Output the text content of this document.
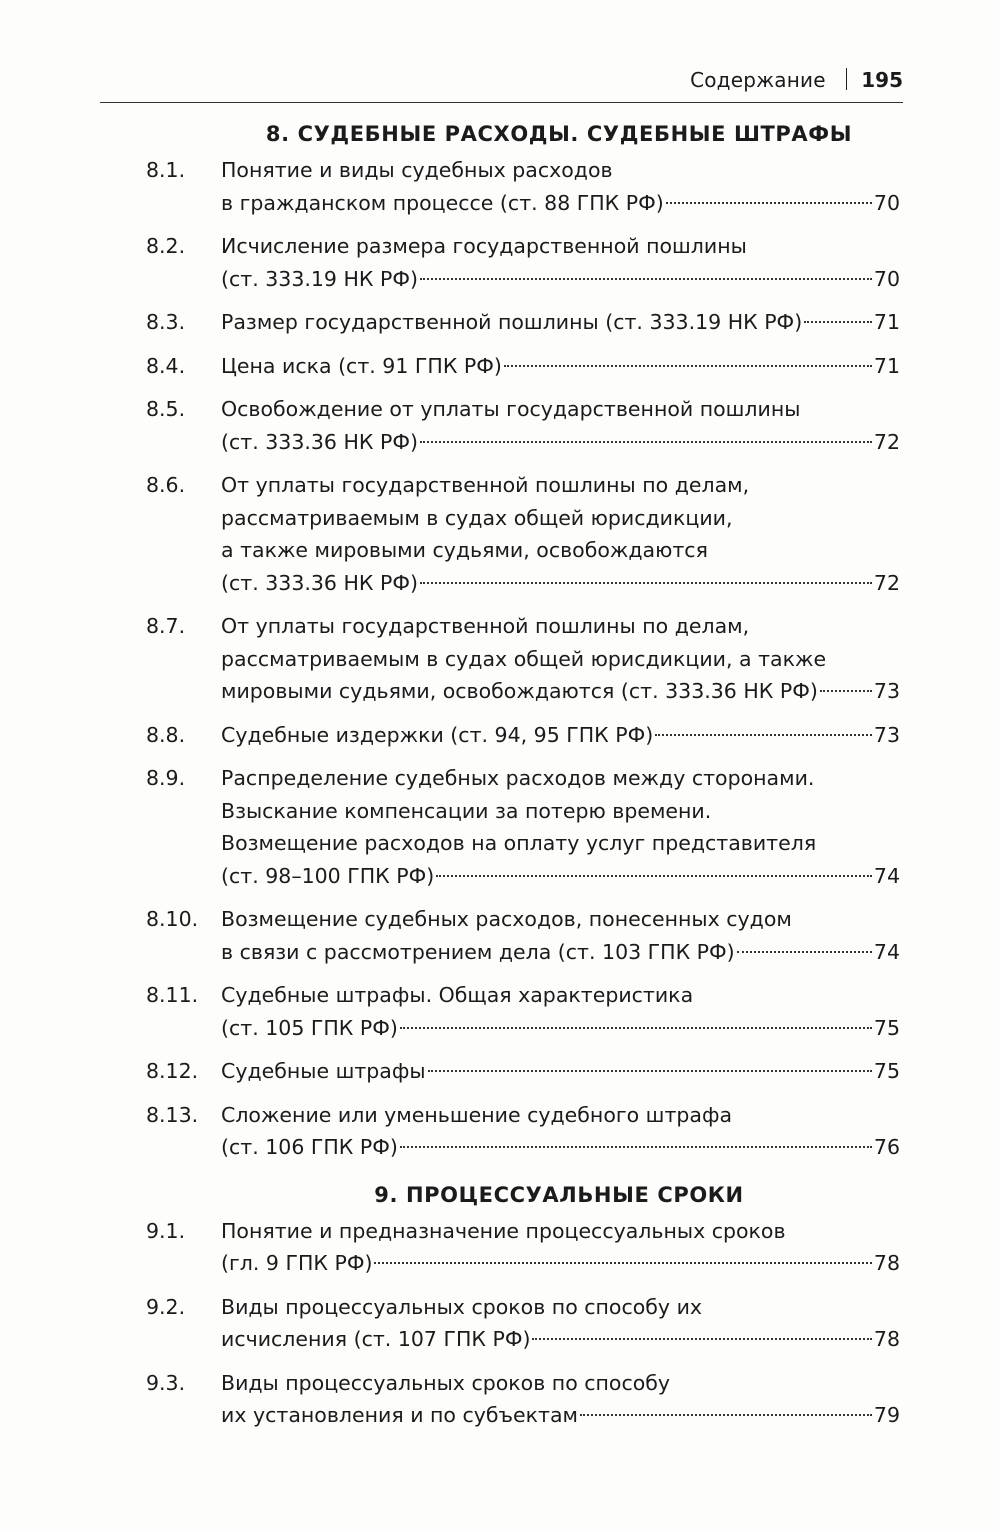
Содержание 195
8. СУДЕБНЫЕ РАСХОДЫ. СУДЕБНЫЕ ШТРАФЫ
8.1.	Понятие и виды судебных расходов
в гражданском процессе (ст. 88 ГПК РФ)	70
8.2.	Исчисление размера государственной пошлины
(ст. 333.19 НК РФ)	70
8.3.	Размер государственной пошлины (ст. 333.19 НК РФ)	71
8.4.	Цена иска (ст. 91 ГПК РФ)	71
8.5.	Освобождение от уплаты государственной пошлины
(ст. 333.36 НК РФ)	72
8.6.	От уплаты государственной пошлины по делам,
рассматриваемым в судах общей юрисдикции,
а также мировыми судьями, освобождаются
(ст. 333.36 НК РФ)	72
8.7.	От уплаты государственной пошлины по делам,
рассматриваемым в судах общей юрисдикции, а также
мировыми судьями, освобождаются (ст. 333.36 НК РФ)	73
8.8.	Судебные издержки (ст. 94, 95 ГПК РФ)	73
8.9.	Распределение судебных расходов между сторонами.
Взыскание компенсации за потерю времени.
Возмещение расходов на оплату услуг представителя
(ст. 98–100 ГПК РФ)	74
8.10.	Возмещение судебных расходов, понесенных судом
в связи с рассмотрением дела (ст. 103 ГПК РФ)	74
8.11.	Судебные штрафы. Общая характеристика
(ст. 105 ГПК РФ)	75
8.12.	Судебные штрафы	75
8.13.	Сложение или уменьшение судебного штрафа
(ст. 106 ГПК РФ)	76
9. ПРОЦЕССУАЛЬНЫЕ СРОКИ
9.1.	Понятие и предназначение процессуальных сроков
(гл. 9 ГПК РФ)	78
9.2.	Виды процессуальных сроков по способу их
исчисления (ст. 107 ГПК РФ)	78
9.3.	Виды процессуальных сроков по способу
их установления и по субъектам	79
